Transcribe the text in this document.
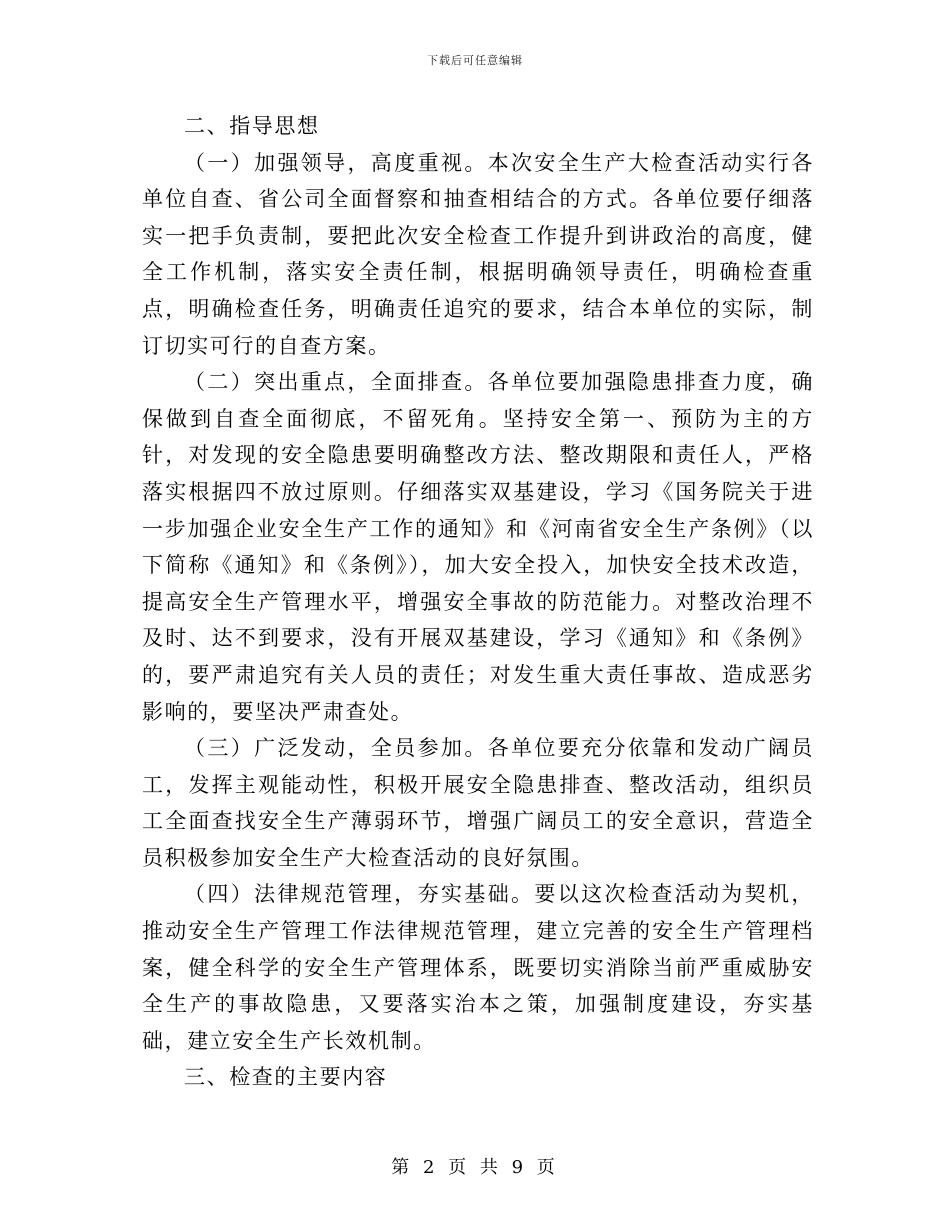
下载后可任意编辑

二、指导思想

（一）加强领导，高度重视。本次安全生产大检查活动实行各单位自查、省公司全面督察和抽查相结合的方式。各单位要仔细落实一把手负责制，要把此次安全检查工作提升到讲政治的高度，健全工作机制，落实安全责任制，根据明确领导责任，明确检查重点，明确检查任务，明确责任追究的要求，结合本单位的实际，制订切实可行的自查方案。

（二）突出重点，全面排查。各单位要加强隐患排查力度，确保做到自查全面彻底，不留死角。坚持安全第一、预防为主的方针，对发现的安全隐患要明确整改方法、整改期限和责任人，严格落实根据四不放过原则。仔细落实双基建设，学习《国务院关于进一步加强企业安全生产工作的通知》和《河南省安全生产条例》（以下简称《通知》和《条例》），加大安全投入，加快安全技术改造，提高安全生产管理水平，增强安全事故的防范能力。对整改治理不及时、达不到要求，没有开展双基建设，学习《通知》和《条例》的，要严肃追究有关人员的责任；对发生重大责任事故、造成恶劣影响的，要坚决严肃查处。

（三）广泛发动，全员参加。各单位要充分依靠和发动广阔员工，发挥主观能动性，积极开展安全隐患排查、整改活动，组织员工全面查找安全生产薄弱环节，增强广阔员工的安全意识，营造全员积极参加安全生产大检查活动的良好氛围。

（四）法律规范管理，夯实基础。要以这次检查活动为契机，推动安全生产管理工作法律规范管理，建立完善的安全生产管理档案，健全科学的安全生产管理体系，既要切实消除当前严重威胁安全生产的事故隐患，又要落实治本之策，加强制度建设，夯实基础，建立安全生产长效机制。

三、检查的主要内容

第 2 页 共 9 页
